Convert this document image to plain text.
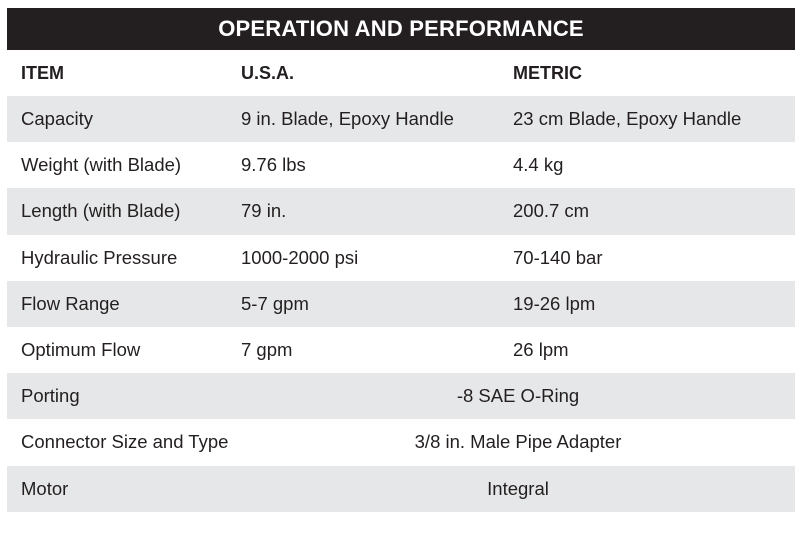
OPERATION AND PERFORMANCE
ITEM	U.S.A.	METRIC
Capacity	9 in. Blade, Epoxy Handle	23 cm Blade, Epoxy Handle
Weight (with Blade)	9.76 lbs	4.4 kg
Length (with Blade)	79 in.	200.7 cm
Hydraulic Pressure	1000-2000 psi	70-140 bar
Flow Range	5-7 gpm	19-26 lpm
Optimum Flow	7 gpm	26 lpm
Porting	-8 SAE O-Ring
Connector Size and Type	3/8 in. Male Pipe Adapter
Motor	Integral
